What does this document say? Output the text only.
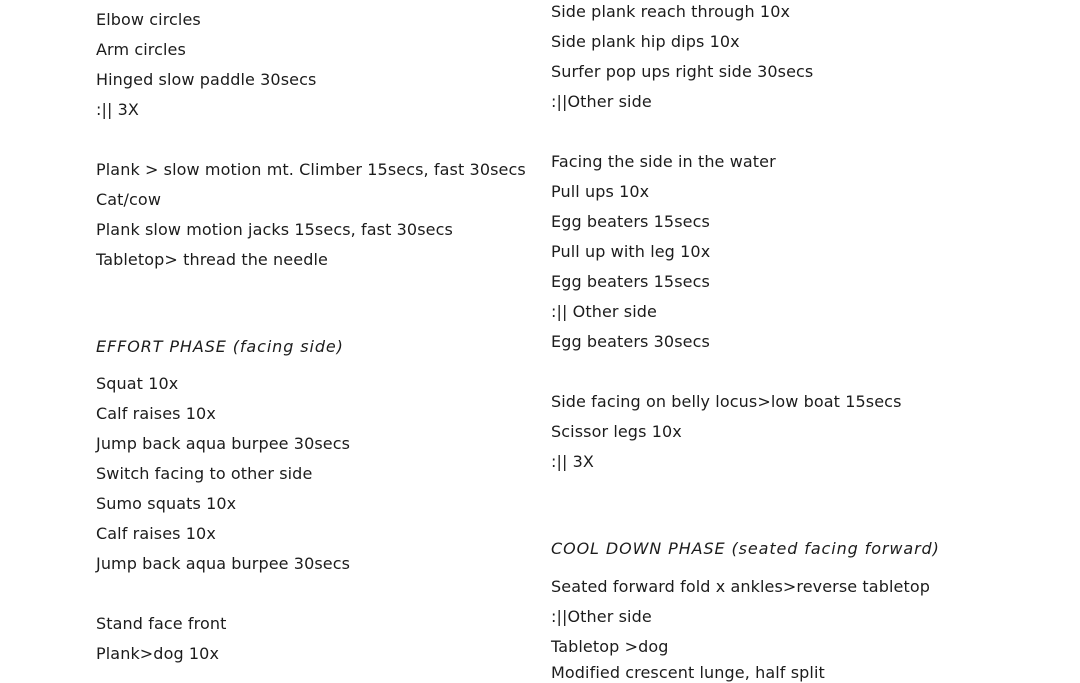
Elbow circles
Arm circles
Hinged slow paddle 30secs
:|| 3X
Plank > slow motion mt. Climber 15secs, fast 30secs
Cat/cow
Plank slow motion jacks 15secs, fast 30secs
Tabletop> thread the needle
EFFORT PHASE (facing side)
Squat 10x
Calf raises 10x
Jump back aqua burpee 30secs
Switch facing to other side
Sumo squats 10x
Calf raises 10x
Jump back aqua burpee 30secs
Stand face front
Plank>dog 10x
Side plank reach through 10x
Side plank hip dips 10x
Surfer pop ups right side 30secs
:||Other side
Facing the side in the water
Pull ups 10x
Egg beaters 15secs
Pull up with leg 10x
Egg beaters 15secs
:|| Other side
Egg beaters 30secs
Side facing on belly locus>low boat 15secs
Scissor legs 10x
:|| 3X
COOL DOWN PHASE (seated facing forward)
Seated forward fold x ankles>reverse tabletop
:||Other side
Tabletop >dog
Modified crescent lunge, half split
